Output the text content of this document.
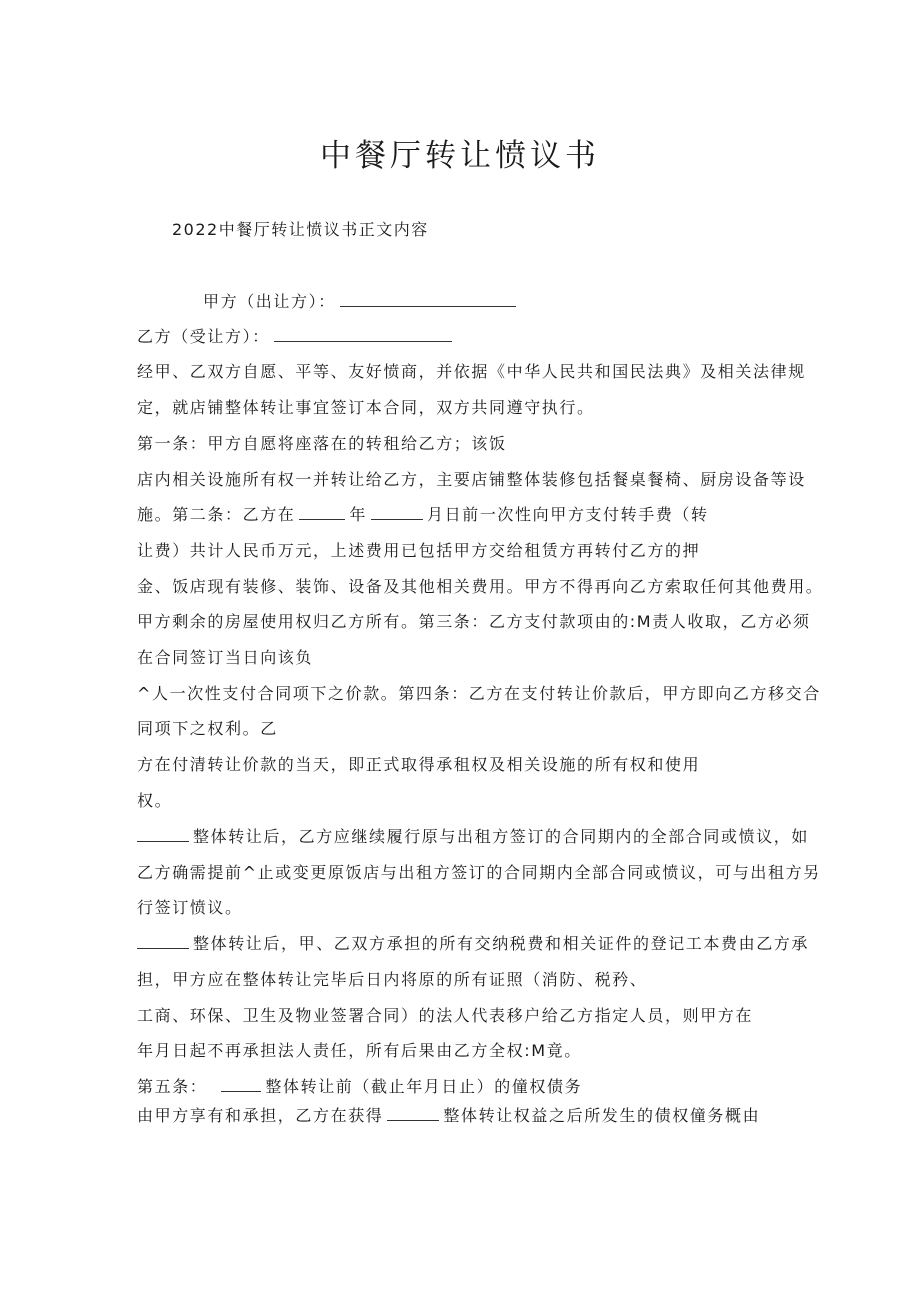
中餐厅转让愤议书
2022中餐厅转让愤议书正文内容
甲方（出让方）：
乙方（受让方）：
经甲、乙双方自愿、平等、友好愤商，并依据《中华人民共和国民法典》及相关法律规
定，就店铺整体转让事宜签订本合同，双方共同遵守执行。
第一条：甲方自愿将座落在的转租给乙方；该饭
店内相关设施所有权一并转让给乙方，主要店铺整体装修包括餐桌餐椅、厨房设备等设
施。第二条：乙方在	年	月日前一次性向甲方支付转手费（转
让费）共计人民币万元，上述费用已包括甲方交给租赁方再转付乙方的押
金、饭店现有装修、装饰、设备及其他相关费用。甲方不得再向乙方索取任何其他费用。
甲方剩余的房屋使用权归乙方所有。第三条：乙方支付款项由的:M责人收取，乙方必须
在合同签订当日向该负
^人一次性支付合同项下之价款。第四条：乙方在支付转让价款后，甲方即向乙方移交合
同项下之权利。乙
方在付清转让价款的当天，即正式取得承租权及相关设施的所有权和使用
权。
整体转让后，乙方应继续履行原与出租方签订的合同期内的全部合同或愤议，如
乙方确需提前^止或变更原饭店与出租方签订的合同期内全部合同或愤议，可与出租方另
行签订愤议。
整体转让后，甲、乙双方承担的所有交纳税费和相关证件的登记工本费由乙方承
担，甲方应在整体转让完毕后日内将原的所有证照（消防、税矜、
工商、环保、卫生及物业签署合同）的法人代表移户给乙方指定人员，则甲方在
年月日起不再承担法人责任，所有后果由乙方全权:M竟。
第五条：	整体转让前（截止年月日止）的僮权债务
由甲方享有和承担，乙方在获得	整体转让权益之后所发生的债权僮务概由
